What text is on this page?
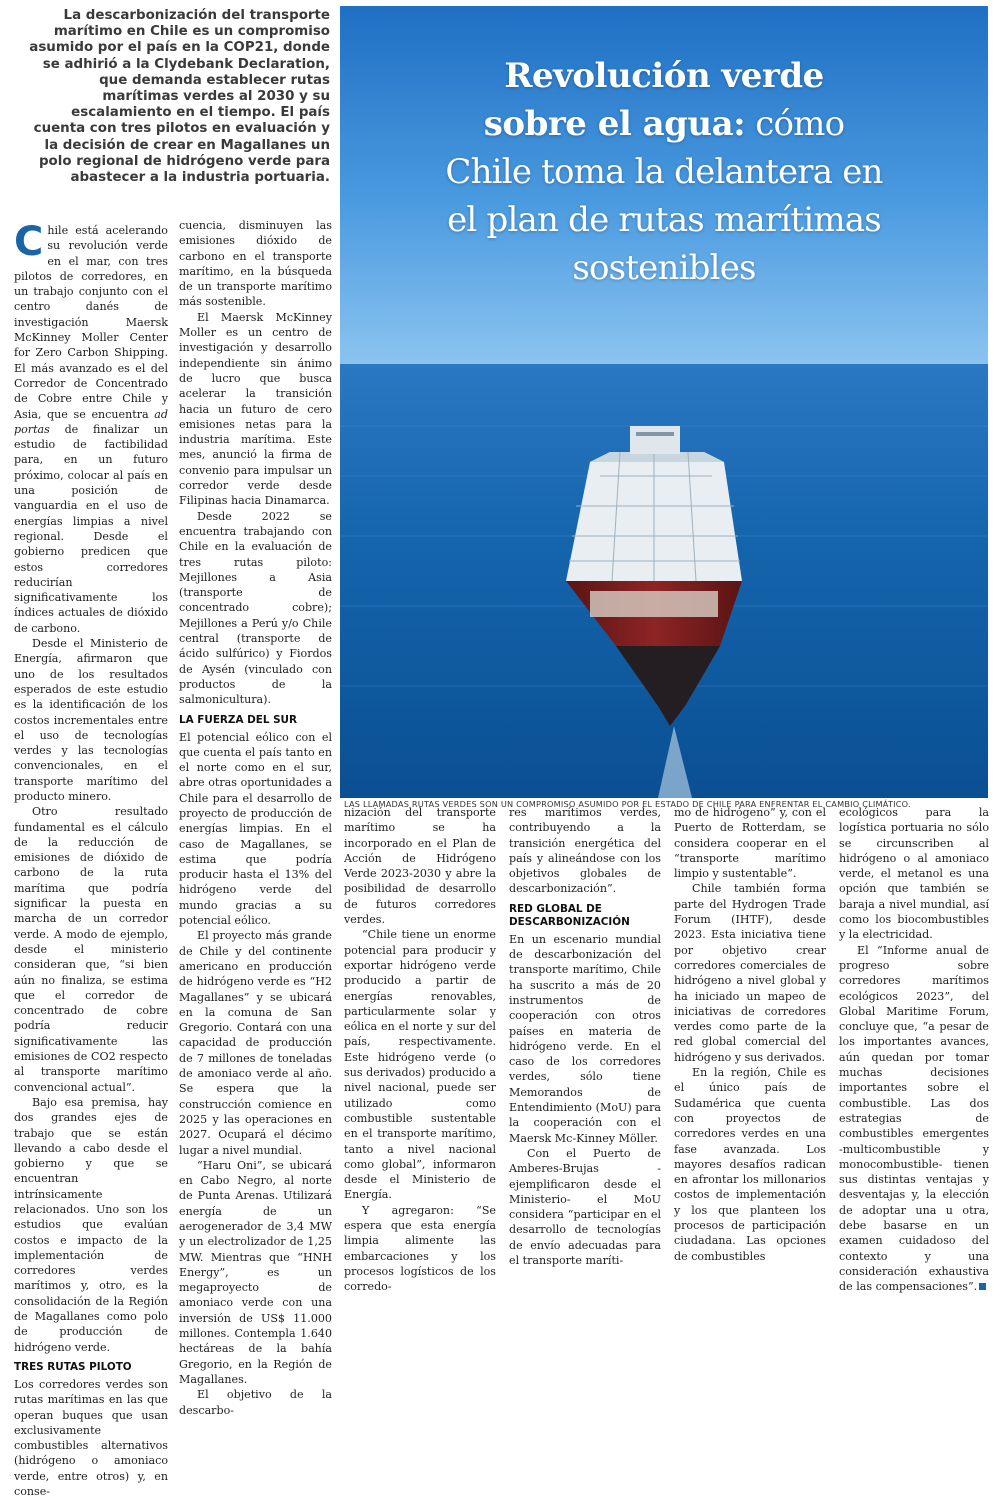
La descarbonización del transporte marítimo en Chile es un compromiso asumido por el país en la COP21, donde se adhirió a la Clydebank Declaration, que demanda establecer rutas marítimas verdes al 2030 y su escalamiento en el tiempo. El país cuenta con tres pilotos en evaluación y la decisión de crear en Magallanes un polo regional de hidrógeno verde para abastecer a la industria portuaria.

Revolución verde
sobre el agua: cómo
Chile toma la delantera en
el plan de rutas marítimas
sostenibles

LAS LLAMADAS RUTAS VERDES SON UN COMPROMISO ASUMIDO POR EL ESTADO DE CHILE PARA ENFRENTAR EL CAMBIO CLIMÁTICO.

Chile está acelerando su revolución verde en el mar, con tres pilotos de corredores, en un trabajo conjunto con el centro danés de investigación Maersk McKinney Moller Center for Zero Carbon Shipping. El más avanzado es el del Corredor de Concentrado de Cobre entre Chile y Asia, que se encuentra ad portas de finalizar un estudio de factibilidad para, en un futuro próximo, colocar al país en una posición de vanguardia en el uso de energías limpias a nivel regional. Desde el gobierno predicen que estos corredores reducirían significativamente los índices actuales de dióxido de carbono.

Desde el Ministerio de Energía, afirmaron que uno de los resultados esperados de este estudio es la identificación de los costos incrementales entre el uso de tecnologías verdes y las tecnologías convencionales, en el transporte marítimo del producto minero.

Otro resultado fundamental es el cálculo de la reducción de emisiones de dióxido de carbono de la ruta marítima que podría significar la puesta en marcha de un corredor verde. A modo de ejemplo, desde el ministerio consideran que, “si bien aún no finaliza, se estima que el corredor de concentrado de cobre podría reducir significativamente las emisiones de CO2 respecto al transporte marítimo convencional actual”.

Bajo esa premisa, hay dos grandes ejes de trabajo que se están llevando a cabo desde el gobierno y que se encuentran intrínsicamente relacionados. Uno son los estudios que evalúan costos e impacto de la implementación de corredores verdes marítimos y, otro, es la consolidación de la Región de Magallanes como polo de producción de hidrógeno verde.

TRES RUTAS PILOTO

Los corredores verdes son rutas marítimas en las que operan buques que usan exclusivamente combustibles alternativos (hidrógeno o amoniaco verde, entre otros) y, en conse-

cuencia, disminuyen las emisiones dióxido de carbono en el transporte marítimo, en la búsqueda de un transporte marítimo más sostenible.

El Maersk McKinney Moller es un centro de investigación y desarrollo independiente sin ánimo de lucro que busca acelerar la transición hacia un futuro de cero emisiones netas para la industria marítima. Este mes, anunció la firma de convenio para impulsar un corredor verde desde Filipinas hacia Dinamarca.

Desde 2022 se encuentra trabajando con Chile en la evaluación de tres rutas piloto: Mejillones a Asia (transporte de concentrado cobre); Mejillones a Perú y/o Chile central (transporte de ácido sulfúrico) y Fiordos de Aysén (vinculado con productos de la salmonicultura).

LA FUERZA DEL SUR

El potencial eólico con el que cuenta el país tanto en el norte como en el sur, abre otras oportunidades a Chile para el desarrollo de proyecto de producción de energías limpias. En el caso de Magallanes, se estima que podría producir hasta el 13% del hidrógeno verde del mundo gracias a su potencial eólico.

El proyecto más grande de Chile y del continente americano en producción de hidrógeno verde es “H2 Magallanes” y se ubicará en la comuna de San Gregorio. Contará con una capacidad de producción de 7 millones de toneladas de amoniaco verde al año. Se espera que la construcción comience en 2025 y las operaciones en 2027. Ocupará el décimo lugar a nivel mundial.

“Haru Oni”, se ubicará en Cabo Negro, al norte de Punta Arenas. Utilizará energía de un aerogenerador de 3,4 MW y un electrolizador de 1,25 MW. Mientras que “HNH Energy”, es un megaproyecto de amoniaco verde con una inversión de US$ 11.000 millones. Contempla 1.640 hectáreas de la bahía Gregorio, en la Región de Magallanes.

El objetivo de la descarbo-

nización del transporte marítimo se ha incorporado en el Plan de Acción de Hidrógeno Verde 2023-2030 y abre la posibilidad de desarrollo de futuros corredores verdes.

“Chile tiene un enorme potencial para producir y exportar hidrógeno verde producido a partir de energías renovables, particularmente solar y eólica en el norte y sur del país, respectivamente. Este hidrógeno verde (o sus derivados) producido a nivel nacional, puede ser utilizado como combustible sustentable en el transporte marítimo, tanto a nivel nacional como global”, informaron desde el Ministerio de Energía.

Y agregaron: “Se espera que esta energía limpia alimente las embarcaciones y los procesos logísticos de los corredo-

res marítimos verdes, contribuyendo a la transición energética del país y alineándose con los objetivos globales de descarbonización”.

RED GLOBAL DE DESCARBONIZACIÓN

En un escenario mundial de descarbonización del transporte marítimo, Chile ha suscrito a más de 20 instrumentos de cooperación con otros países en materia de hidrógeno verde. En el caso de los corredores verdes, sólo tiene Memorandos de Entendimiento (MoU) para la cooperación con el Maersk Mc-Kinney Möller.

Con el Puerto de Amberes-Brujas -ejemplificaron desde el Ministerio- el MoU considera “participar en el desarrollo de tecnologías de envío adecuadas para el transporte maríti-

mo de hidrógeno” y, con el Puerto de Rotterdam, se considera cooperar en el “transporte marítimo limpio y sustentable”.

Chile también forma parte del Hydrogen Trade Forum (IHTF), desde 2023. Esta iniciativa tiene por objetivo crear corredores comerciales de hidrógeno a nivel global y ha iniciado un mapeo de iniciativas de corredores verdes como parte de la red global comercial del hidrógeno y sus derivados.

En la región, Chile es el único país de Sudamérica que cuenta con proyectos de corredores verdes en una fase avanzada. Los mayores desafíos radican en afrontar los millonarios costos de implementación y los que planteen los procesos de participación ciudadana. Las opciones de combustibles

ecológicos para la logística portuaria no sólo se circunscriben al hidrógeno o al amoniaco verde, el metanol es una opción que también se baraja a nivel mundial, así como los biocombustibles y la electricidad.

El “Informe anual de progreso sobre corredores marítimos ecológicos 2023”, del Global Maritime Forum, concluye que, “a pesar de los importantes avances, aún quedan por tomar muchas decisiones importantes sobre el combustible. Las dos estrategias de combustibles emergentes -multicombustible y monocombustible- tienen sus distintas ventajas y desventajas y, la elección de adoptar una u otra, debe basarse en un examen cuidadoso del contexto y una consideración exhaustiva de las compensaciones”.
